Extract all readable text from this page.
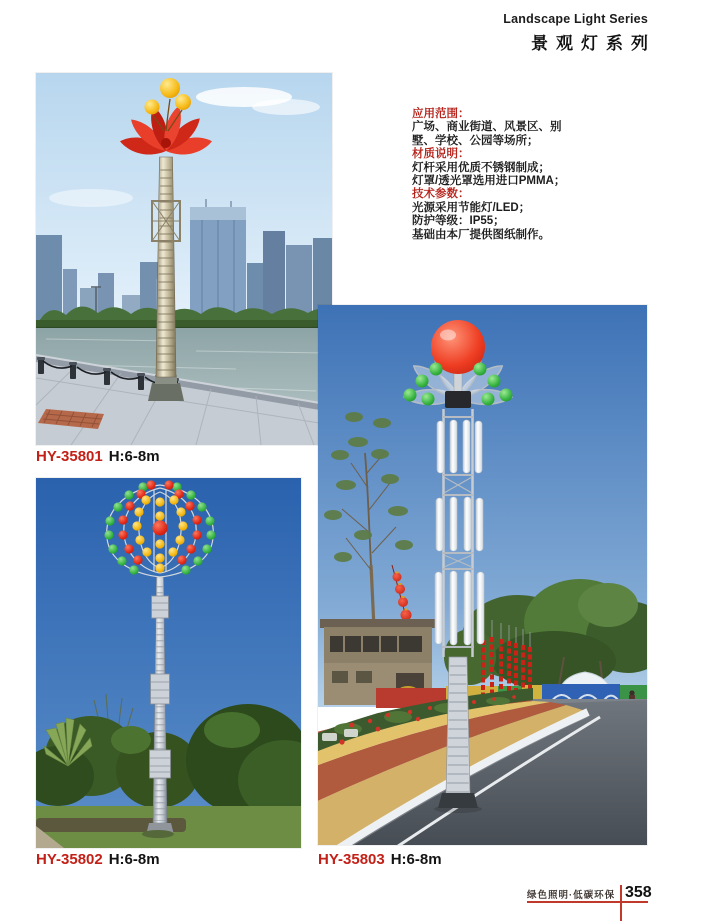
Landscape Light Series
景观灯系列
HY-35801 H:6-8m
HY-35802 H:6-8m	HY-35803 H:6-8m
应用范围：
广场、商业街道、风景区、别
墅、学校、公园等场所；
材质说明：
灯杆采用优质不锈钢制成；
灯罩/透光罩选用进口PMMA；
技术参数：
光源采用节能灯/LED；
防护等级：IP55；
基础由本厂提供图纸制作。
绿色照明·低碳环保 358
